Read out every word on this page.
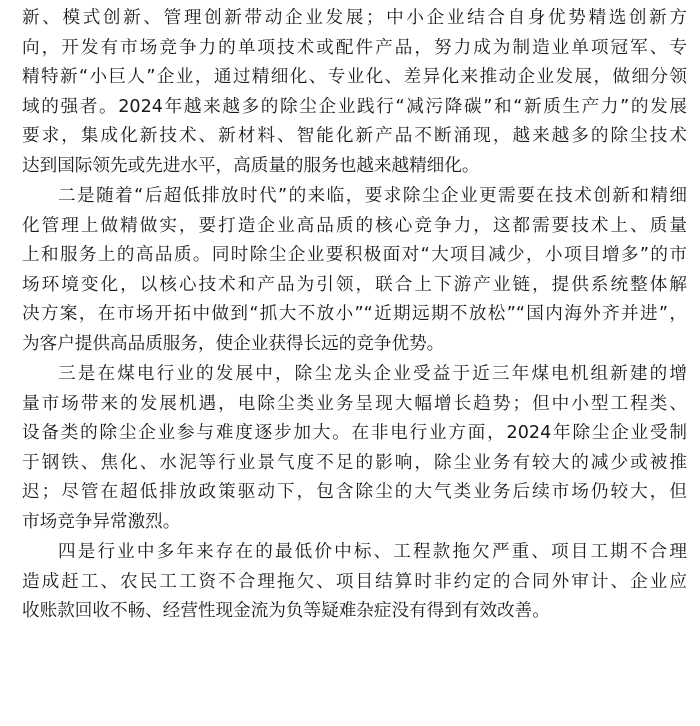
新、模式创新、管理创新带动企业发展；中小企业结合自身优势精选创新方
向，开发有市场竞争力的单项技术或配件产品，努力成为制造业单项冠军、专
精特新“小巨人”企业，通过精细化、专业化、差异化来推动企业发展，做细分领
域的强者。2024年越来越多的除尘企业践行“减污降碳”和“新质生产力”的发展
要求，集成化新技术、新材料、智能化新产品不断涌现，越来越多的除尘技术
达到国际领先或先进水平，高质量的服务也越来越精细化。
二是随着“后超低排放时代”的来临，要求除尘企业更需要在技术创新和精细
化管理上做精做实，要打造企业高品质的核心竞争力，这都需要技术上、质量
上和服务上的高品质。同时除尘企业要积极面对“大项目减少，小项目增多”的市
场环境变化，以核心技术和产品为引领，联合上下游产业链，提供系统整体解
决方案，在市场开拓中做到“抓大不放小”“近期远期不放松”“国内海外齐并进”，
为客户提供高品质服务，使企业获得长远的竞争优势。
三是在煤电行业的发展中，除尘龙头企业受益于近三年煤电机组新建的增
量市场带来的发展机遇，电除尘类业务呈现大幅增长趋势；但中小型工程类、
设备类的除尘企业参与难度逐步加大。在非电行业方面，2024年除尘企业受制
于钢铁、焦化、水泥等行业景气度不足的影响，除尘业务有较大的减少或被推
迟；尽管在超低排放政策驱动下，包含除尘的大气类业务后续市场仍较大，但
市场竞争异常激烈。
四是行业中多年来存在的最低价中标、工程款拖欠严重、项目工期不合理
造成赶工、农民工工资不合理拖欠、项目结算时非约定的合同外审计、企业应
收账款回收不畅、经营性现金流为负等疑难杂症没有得到有效改善。
